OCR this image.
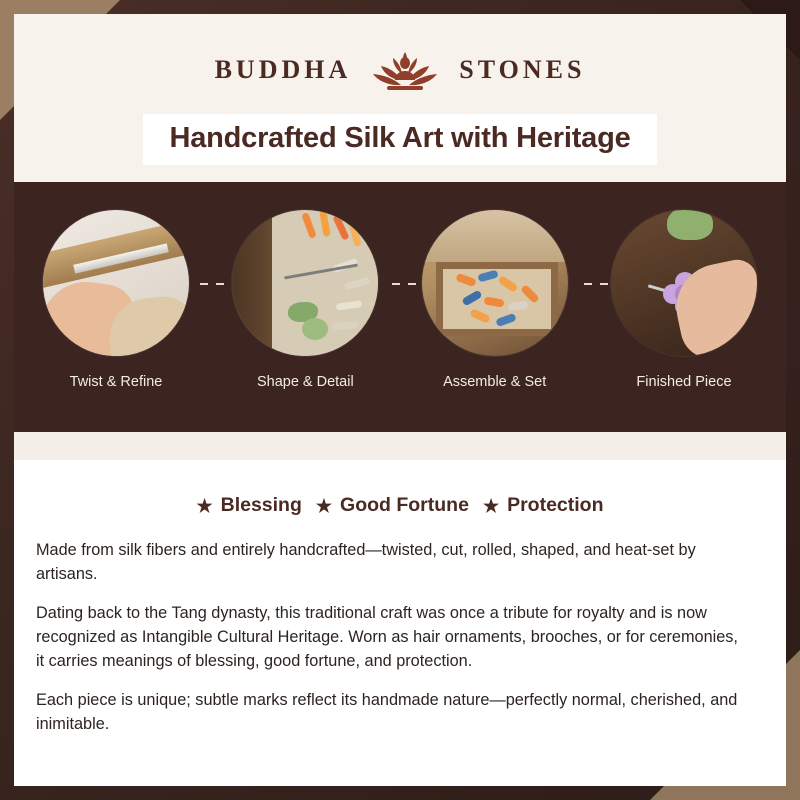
BUDDHA	STONES
Handcrafted Silk Art with Heritage
Twist & Refine	Shape & Detail	Assemble & Set	Finished Piece
★ Blessing ★ Good Fortune ★ Protection

Made from silk fibers and entirely handcrafted—twisted, cut, rolled, shaped, and heat-set by artisans.

Dating back to the Tang dynasty, this traditional craft was once a tribute for royalty and is now recognized as Intangible Cultural Heritage. Worn as hair ornaments, brooches, or for ceremonies, it carries meanings of blessing, good fortune, and protection.

Each piece is unique; subtle marks reflect its handmade nature—perfectly normal, cherished, and inimitable.
